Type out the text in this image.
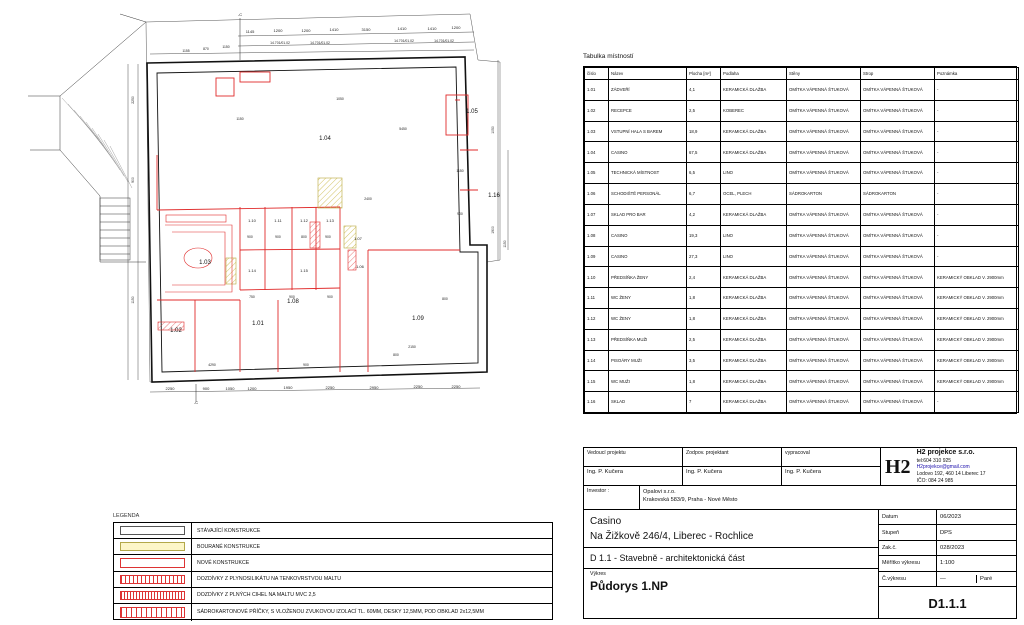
1145	1200	1200	1410	3150	1410	1410	1200
14.701/01.02	14.701/01.02	14.701/01.02	14.701/01.02
870
1155
1150
-C
2250	900	1050	1200	1950	2250	2950	2250	2250
-C
2250
900
1150
1050
1900
1150
900	900	800	900
750	900	900
4290	900
800
2150
800
2400
5450
1050
1150
1150
900
1.01
1.02
1.03
1.04
1.05
1.08
1.09
1.16
1.10	1.11	1.12	1.13
1.14	1.15
1.07
1.06
Tabulka místností
číslo	Název	Plocha [m²]	Podlaha	Stěny	Strop	Poznámka
1.01	ZÁDVEŘÍ	4,1	KERAMICKÁ DLAŽBA	OMÍTKA VÁPENNÁ ŠTUKOVÁ	OMÍTKA VÁPENNÁ ŠTUKOVÁ	-
1.02	RECEPCE	2,5	KOBEREC	OMÍTKA VÁPENNÁ ŠTUKOVÁ	OMÍTKA VÁPENNÁ ŠTUKOVÁ	-
1.03	VSTUPNÍ HALA S BAREM	18,9	KERAMICKÁ DLAŽBA	OMÍTKA VÁPENNÁ ŠTUKOVÁ	OMÍTKA VÁPENNÁ ŠTUKOVÁ	-
1.04	CASINO	67,5	KERAMICKÁ DLAŽBA	OMÍTKA VÁPENNÁ ŠTUKOVÁ	OMÍTKA VÁPENNÁ ŠTUKOVÁ	-
1.05	TECHNICKÁ MÍSTNOST	6,5	LINO	OMÍTKA VÁPENNÁ ŠTUKOVÁ	OMÍTKA VÁPENNÁ ŠTUKOVÁ	-
1.06	SCHODIŠTĚ PERSONÁL	6,7	OCEL, PLECH	SÁDROKARTON	SÁDROKARTON	-
1.07	SKLAD PRO BAR	4,2	KERAMICKÁ DLAŽBA	OMÍTKA VÁPENNÁ ŠTUKOVÁ	OMÍTKA VÁPENNÁ ŠTUKOVÁ	-
1.08	CASINO	19,3	LINO	OMÍTKA VÁPENNÁ ŠTUKOVÁ	OMÍTKA VÁPENNÁ ŠTUKOVÁ	-
1.09	CASINO	27,3	LINO	OMÍTKA VÁPENNÁ ŠTUKOVÁ	OMÍTKA VÁPENNÁ ŠTUKOVÁ	-
1.10	PŘEDSÍŇKA ŽENY	2,4	KERAMICKÁ DLAŽBA	OMÍTKA VÁPENNÁ ŠTUKOVÁ	OMÍTKA VÁPENNÁ ŠTUKOVÁ	KERAMICKÝ OBKLAD V. 2900mm
1.11	WC ŽENY	1,8	KERAMICKÁ DLAŽBA	OMÍTKA VÁPENNÁ ŠTUKOVÁ	OMÍTKA VÁPENNÁ ŠTUKOVÁ	KERAMICKÝ OBKLAD V. 2900mm
1.12	WC ŽENY	1,8	KERAMICKÁ DLAŽBA	OMÍTKA VÁPENNÁ ŠTUKOVÁ	OMÍTKA VÁPENNÁ ŠTUKOVÁ	KERAMICKÝ OBKLAD V. 2900mm
1.13	PŘEDSÍŇKA MUŽI	2,5	KERAMICKÁ DLAŽBA	OMÍTKA VÁPENNÁ ŠTUKOVÁ	OMÍTKA VÁPENNÁ ŠTUKOVÁ	KERAMICKÝ OBKLAD V. 2900mm
1.14	PISOÁRY MUŽI	3,5	KERAMICKÁ DLAŽBA	OMÍTKA VÁPENNÁ ŠTUKOVÁ	OMÍTKA VÁPENNÁ ŠTUKOVÁ	KERAMICKÝ OBKLAD V. 2900mm
1.15	WC MUŽI	1,8	KERAMICKÁ DLAŽBA	OMÍTKA VÁPENNÁ ŠTUKOVÁ	OMÍTKA VÁPENNÁ ŠTUKOVÁ	KERAMICKÝ OBKLAD V. 2900mm
1.16	SKLAD	7	KERAMICKÁ DLAŽBA	OMÍTKA VÁPENNÁ ŠTUKOVÁ	OMÍTKA VÁPENNÁ ŠTUKOVÁ	-
Vedoucí projektu	Zodpov. projektant	vypracoval
Ing. P. Kučera	Ing. P. Kučera	Ing. P. Kučera	H2
H2 projekce s.r.o.
tel:604 310 925
H2projekce@gmail.com
Lodovo 192, 460 14 Liberec 17
IČO: 084 24 985
Investor :	Opalovi s.r.o.
Krakovská 583/9, Praha - Nové Město
Casino
Na Žižkově 246/4, Liberec - Rochlice
D 1.1 - Stavebně - architektonická část
Výkres
Půdorys 1.NP
Datum	06/2023
Stupeň	DPS
Zak.č.	028/2023
Měřítko výkresu	1:100
Č.výkresu	—	Paré
D1.1.1
LEGENDA
STÁVAJÍCÍ KONSTRUKCE
BOURANÉ KONSTRUKCE
NOVÉ KONSTRUKCE
DOZDÍVKY Z PLYNOSILIKÁTU NA TENKOVRSTVOU MALTU
DOZDÍVKY Z PLNÝCH CIHEL NA MALTU MVC 2,5
SÁDROKARTONOVÉ PŘÍČKY, S VLOŽENOU ZVUKOVOU IZOLACÍ TL. 60MM, DESKY 12,5MM, POD OBKLAD 2x12,5MM
